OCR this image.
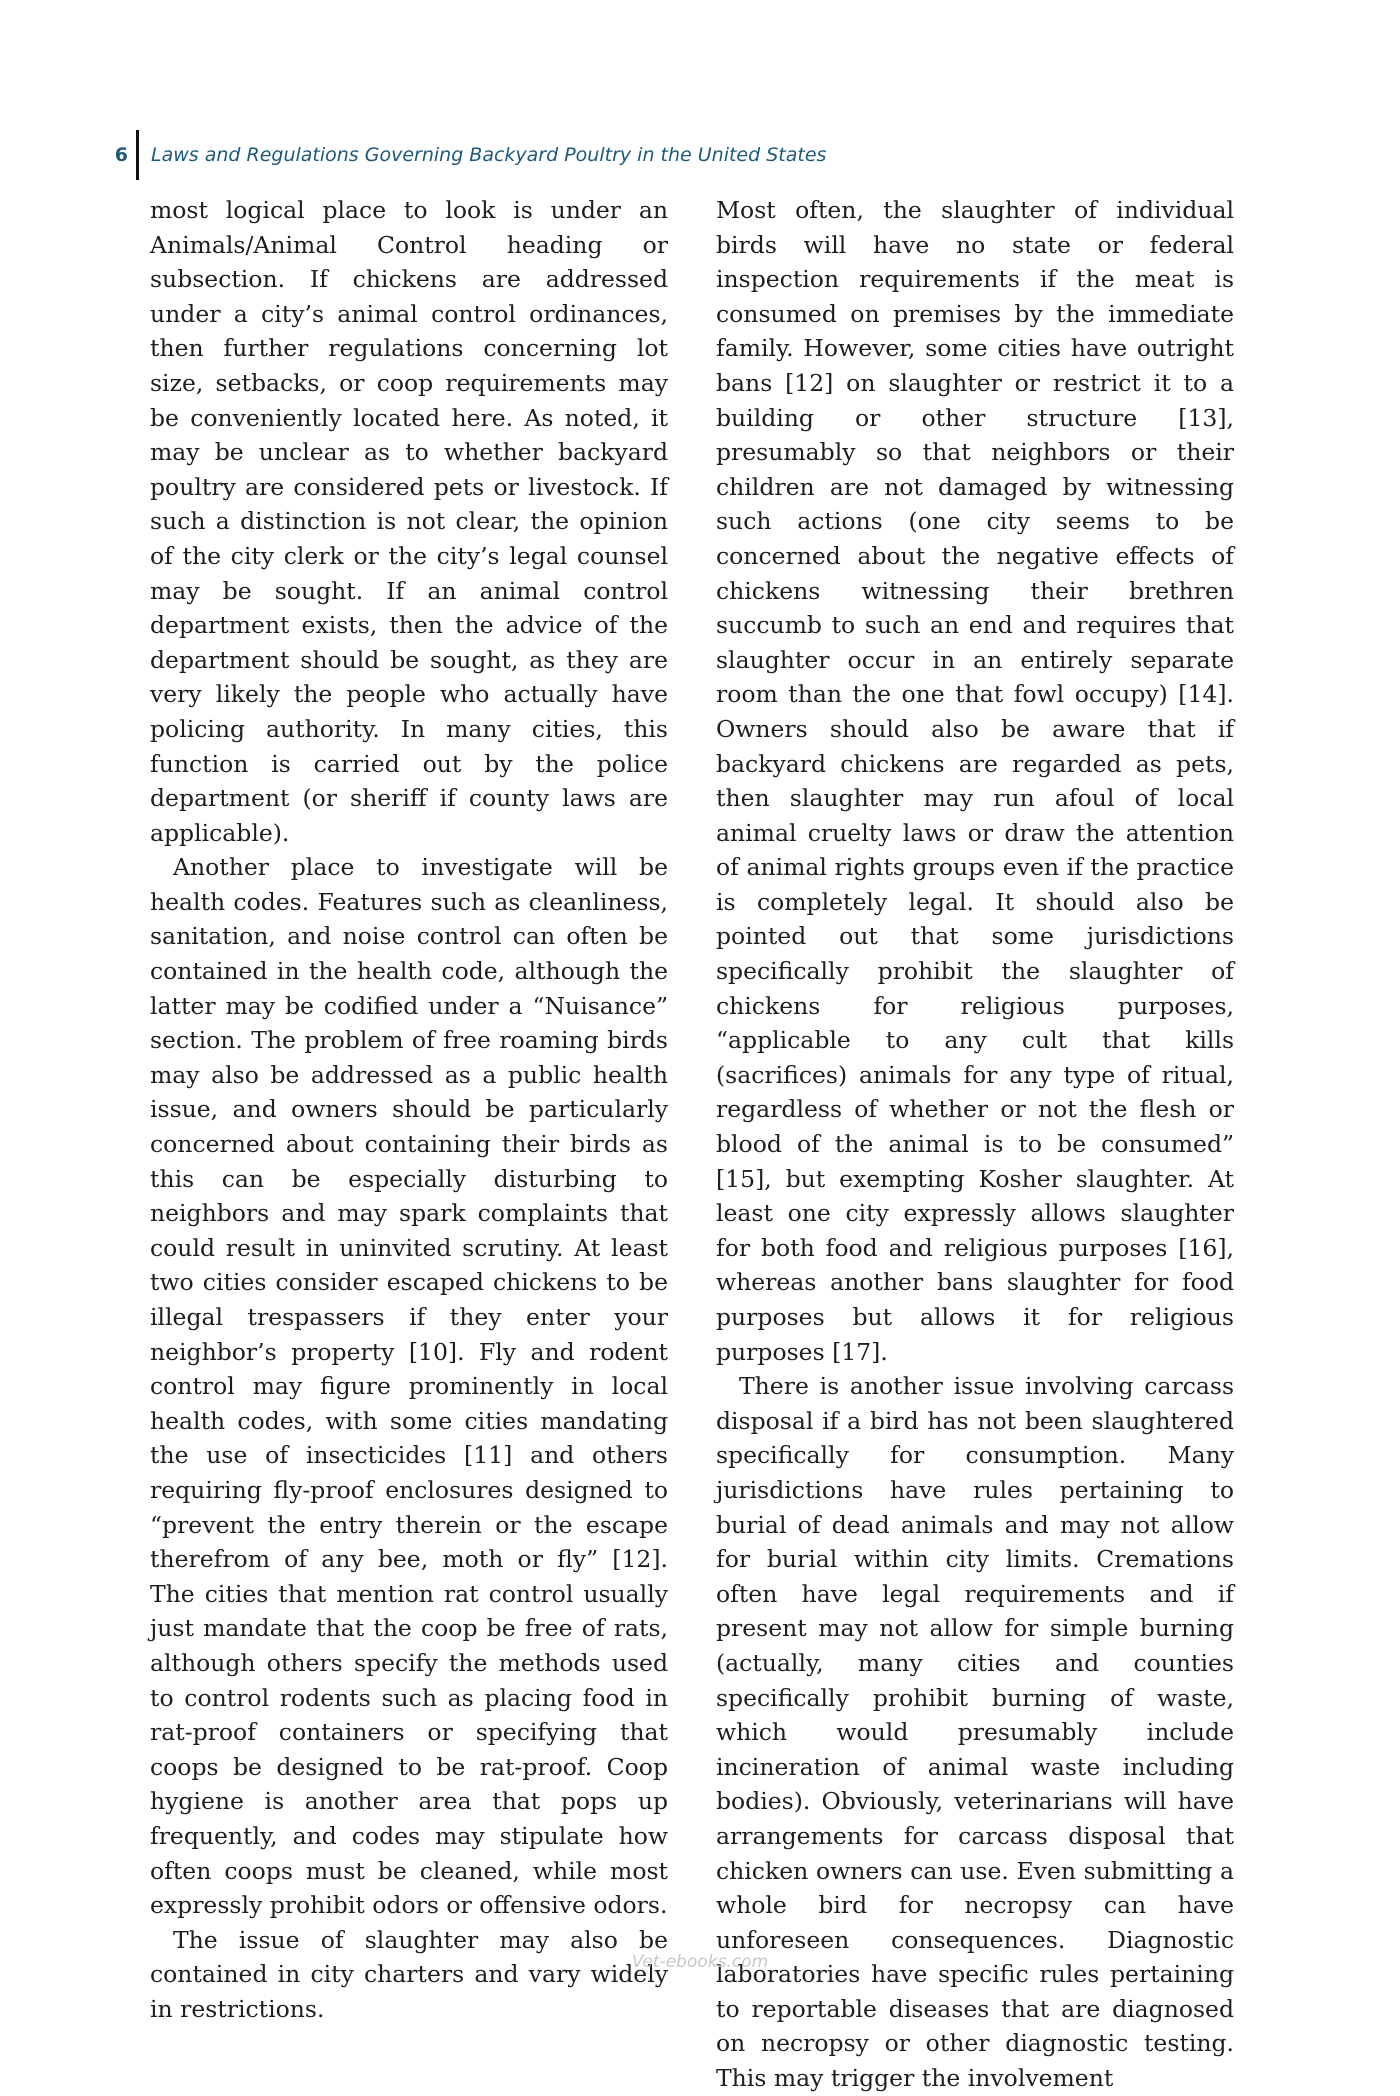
6	Laws and Regulations Governing Backyard Poultry in the United States

most logical place to look is under an Animals/Animal Control heading or subsection. If chickens are addressed under a city’s animal control ordinances, then further regulations concerning lot size, setbacks, or coop requirements may be conveniently located here. As noted, it may be unclear as to whether backyard poultry are considered pets or livestock. If such a distinction is not clear, the opinion of the city clerk or the city’s legal counsel may be sought. If an animal control department exists, then the advice of the department should be sought, as they are very likely the people who actually have policing authority. In many cities, this function is carried out by the police department (or sheriff if county laws are applicable).

Another place to investigate will be health codes. Features such as cleanliness, sanitation, and noise control can often be contained in the health code, although the latter may be codified under a “Nuisance” section. The problem of free roaming birds may also be addressed as a public health issue, and owners should be particularly concerned about containing their birds as this can be especially disturbing to neighbors and may spark complaints that could result in uninvited scrutiny. At least two cities consider escaped chickens to be illegal trespassers if they enter your neighbor’s property [10]. Fly and rodent control may figure prominently in local health codes, with some cities mandating the use of insecticides [11] and others requiring fly-proof enclosures designed to “prevent the entry therein or the escape therefrom of any bee, moth or fly” [12]. The cities that mention rat control usually just mandate that the coop be free of rats, although others specify the methods used to control rodents such as placing food in rat-proof containers or specifying that coops be designed to be rat-proof. Coop hygiene is another area that pops up frequently, and codes may stipulate how often coops must be cleaned, while most expressly prohibit odors or offensive odors.

The issue of slaughter may also be contained in city charters and vary widely in restrictions.

Most often, the slaughter of individual birds will have no state or federal inspection requirements if the meat is consumed on premises by the immediate family. However, some cities have outright bans [12] on slaughter or restrict it to a building or other structure [13], presumably so that neighbors or their children are not damaged by witnessing such actions (one city seems to be concerned about the negative effects of chickens witnessing their brethren succumb to such an end and requires that slaughter occur in an entirely separate room than the one that fowl occupy) [14]. Owners should also be aware that if backyard chickens are regarded as pets, then slaughter may run afoul of local animal cruelty laws or draw the attention of animal rights groups even if the practice is completely legal. It should also be pointed out that some jurisdictions specifically prohibit the slaughter of chickens for religious purposes, “applicable to any cult that kills (sacrifices) animals for any type of ritual, regardless of whether or not the flesh or blood of the animal is to be consumed” [15], but exempting Kosher slaughter. At least one city expressly allows slaughter for both food and religious purposes [16], whereas another bans slaughter for food purposes but allows it for religious purposes [17].

There is another issue involving carcass disposal if a bird has not been slaughtered specifically for consumption. Many jurisdictions have rules pertaining to burial of dead animals and may not allow for burial within city limits. Cremations often have legal requirements and if present may not allow for simple burning (actually, many cities and counties specifically prohibit burning of waste, which would presumably include incineration of animal waste including bodies). Obviously, veterinarians will have arrangements for carcass disposal that chicken owners can use. Even submitting a whole bird for necropsy can have unforeseen consequences. Diagnostic laboratories have specific rules pertaining to reportable diseases that are diagnosed on necropsy or other diagnostic testing. This may trigger the involvement

Vet-ebooks.com
